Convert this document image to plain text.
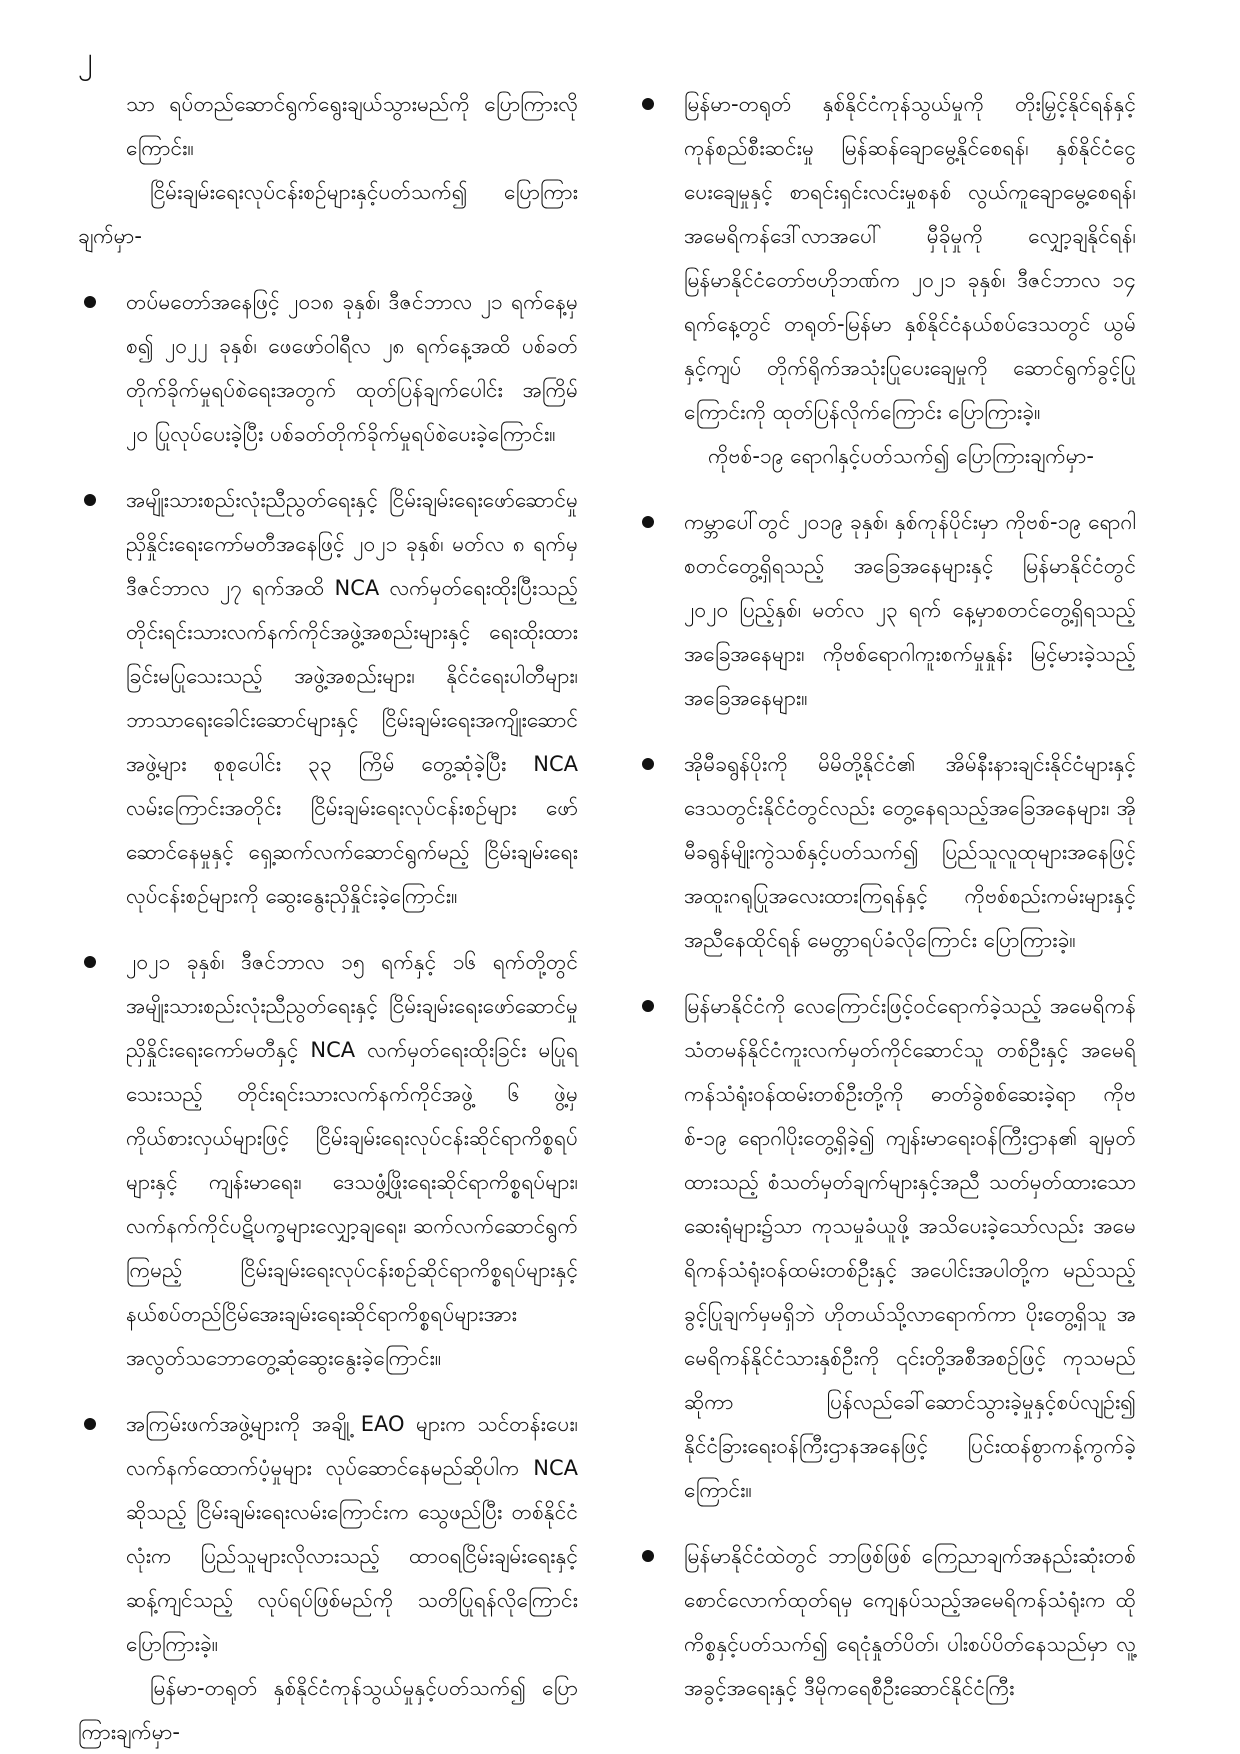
၂

သာ ရပ်တည်ဆောင်ရွက်ရွေးချယ်သွားမည်ကို ပြောကြားလိုကြောင်း။

ငြိမ်းချမ်းရေးလုပ်ငန်းစဉ်များနှင့်ပတ်သက်၍ ပြောကြားချက်မှာ-

တပ်မတော်အနေဖြင့် ၂၀၁၈ ခုနှစ်၊ ဒီဇင်ဘာလ ၂၁ ရက်နေ့မှစ၍ ၂၀၂၂ ခုနှစ်၊ ဖေဖော်ဝါရီလ ၂၈ ရက်နေ့အထိ ပစ်ခတ်တိုက်ခိုက်မှုရပ်စဲရေးအတွက် ထုတ်ပြန်ချက်ပေါင်း အကြိမ် ၂၀ ပြုလုပ်ပေးခဲ့ပြီး ပစ်ခတ်တိုက်ခိုက်မှုရပ်စဲပေးခဲ့ကြောင်း။
အမျိုးသားစည်းလုံးညီညွတ်ရေးနှင့် ငြိမ်းချမ်းရေးဖော်ဆောင်မှုညှိနှိုင်းရေးကော်မတီအနေဖြင့် ၂၀၂၁ ခုနှစ်၊ မတ်လ ၈ ရက်မှ ဒီဇင်ဘာလ ၂၇ ရက်အထိ NCA လက်မှတ်ရေးထိုးပြီးသည့် တိုင်းရင်းသားလက်နက်ကိုင်အဖွဲ့အစည်းများနှင့် ရေးထိုးထားခြင်းမပြုသေးသည့် အဖွဲ့အစည်းများ၊ နိုင်ငံရေးပါတီများ၊ ဘာသာရေးခေါင်းဆောင်များနှင့် ငြိမ်းချမ်းရေးအကျိုးဆောင်အဖွဲ့များ စုစုပေါင်း ၃၃ ကြိမ် တွေ့ဆုံခဲ့ပြီး NCA လမ်းကြောင်းအတိုင်း ငြိမ်းချမ်းရေးလုပ်ငန်းစဉ်များ ဖော်ဆောင်နေမှုနှင့် ရှေ့ဆက်လက်ဆောင်ရွက်မည့် ငြိမ်းချမ်းရေးလုပ်ငန်းစဉ်များကို ဆွေးနွေးညှိနှိုင်းခဲ့ကြောင်း။
၂၀၂၁ ခုနှစ်၊ ဒီဇင်ဘာလ ၁၅ ရက်နှင့် ၁၆ ရက်တို့တွင် အမျိုးသားစည်းလုံးညီညွတ်ရေးနှင့် ငြိမ်းချမ်းရေးဖော်ဆောင်မှုညှိနှိုင်းရေးကော်မတီနှင့် NCA လက်မှတ်ရေးထိုးခြင်း မပြုရသေးသည့် တိုင်းရင်းသားလက်နက်ကိုင်အဖွဲ့ ၆ ဖွဲ့မှ ကိုယ်စားလှယ်များဖြင့် ငြိမ်းချမ်းရေးလုပ်ငန်းဆိုင်ရာကိစ္စရပ်များနှင့် ကျန်းမာရေး၊ ဒေသဖွံ့ဖြိုးရေးဆိုင်ရာကိစ္စရပ်များ၊ လက်နက်ကိုင်ပဋိပက္ခများလျှော့ချရေး၊ ဆက်လက်ဆောင်ရွက်ကြမည့် ငြိမ်းချမ်းရေးလုပ်ငန်းစဉ်ဆိုင်ရာကိစ္စရပ်များနှင့် နယ်စပ်တည်ငြိမ်အေးချမ်းရေးဆိုင်ရာကိစ္စရပ်များအား အလွတ်သဘောတွေ့ဆုံဆွေးနွေးခဲ့ကြောင်း။
အကြမ်းဖက်အဖွဲ့များကို အချို့ EAO များက သင်တန်းပေး၊ လက်နက်ထောက်ပံ့မှုများ လုပ်ဆောင်နေမည်ဆိုပါက NCA ဆိုသည့် ငြိမ်းချမ်းရေးလမ်းကြောင်းက သွေဖည်ပြီး တစ်နိုင်ငံလုံးက ပြည်သူများလိုလားသည့် ထာဝရငြိမ်းချမ်းရေးနှင့် ဆန့်ကျင်သည့် လုပ်ရပ်ဖြစ်မည်ကို သတိပြုရန်လိုကြောင်း ပြောကြားခဲ့။

မြန်မာ-တရုတ် နှစ်နိုင်ငံကုန်သွယ်မှုနှင့်ပတ်သက်၍ ပြောကြားချက်မှာ-

မြန်မာ-တရုတ် နှစ်နိုင်ငံကုန်သွယ်မှုကို တိုးမြှင့်နိုင်ရန်နှင့် ကုန်စည်စီးဆင်းမှု မြန်ဆန်ချောမွေ့နိုင်စေရန်၊ နှစ်နိုင်ငံငွေပေးချေမှုနှင့် စာရင်းရှင်းလင်းမှုစနစ် လွယ်ကူချောမွေ့စေရန်၊ အမေရိကန်ဒေါ်လာအပေါ် မှီခိုမှုကို လျှော့ချနိုင်ရန်၊ မြန်မာနိုင်ငံတော်ဗဟိုဘဏ်က ၂၀၂၁ ခုနှစ်၊ ဒီဇင်ဘာလ ၁၄ ရက်နေ့တွင် တရုတ်-မြန်မာ နှစ်နိုင်ငံနယ်စပ်ဒေသတွင် ယွမ်နှင့်ကျပ် တိုက်ရိုက်အသုံးပြုပေးချေမှုကို ဆောင်ရွက်ခွင့်ပြုကြောင်းကို ထုတ်ပြန်လိုက်ကြောင်း ပြောကြားခဲ့။

ကိုဗစ်-၁၉ ရောဂါနှင့်ပတ်သက်၍ ပြောကြားချက်မှာ-

ကမ္ဘာပေါ်တွင် ၂၀၁၉ ခုနှစ်၊ နှစ်ကုန်ပိုင်းမှာ ကိုဗစ်-၁၉ ရောဂါ စတင်တွေ့ရှိရသည့် အခြေအနေများနှင့် မြန်မာနိုင်ငံတွင် ၂၀၂၀ ပြည့်နှစ်၊ မတ်လ ၂၃ ရက် နေ့မှာစတင်တွေ့ရှိရသည့်အခြေအနေများ၊ ကိုဗစ်ရောဂါကူးစက်မှုနှုန်း မြင့်မားခဲ့သည့်အခြေအနေများ။
အိုမီခရွန်ပိုးကို မိမိတို့နိုင်ငံ၏ အိမ်နီးနားချင်းနိုင်ငံများနှင့် ဒေသတွင်းနိုင်ငံတွင်လည်း တွေ့နေရသည့်အခြေအနေများ၊ အိုမီခရွန်မျိုးကွဲသစ်နှင့်ပတ်သက်၍ ပြည်သူလူထုများအနေဖြင့် အထူးဂရုပြုအလေးထားကြရန်နှင့် ကိုဗစ်စည်းကမ်းများနှင့်အညီနေထိုင်ရန် မေတ္တာရပ်ခံလိုကြောင်း ပြောကြားခဲ့။
မြန်မာနိုင်ငံကို လေကြောင်းဖြင့်ဝင်ရောက်ခဲ့သည့် အမေရိကန် သံတမန်နိုင်ငံကူးလက်မှတ်ကိုင်ဆောင်သူ တစ်ဦးနှင့် အမေရိကန်သံရုံးဝန်ထမ်းတစ်ဦးတို့ကို ဓာတ်ခွဲစစ်ဆေးခဲ့ရာ ကိုဗစ်-၁၉ ရောဂါပိုးတွေ့ရှိခဲ့၍ ကျန်းမာရေးဝန်ကြီးဌာန၏ ချမှတ်ထားသည့် စံသတ်မှတ်ချက်များနှင့်အညီ သတ်မှတ်ထားသော ဆေးရုံများ၌သာ ကုသမှုခံယူဖို့ အသိပေးခဲ့သော်လည်း အမေရိကန်သံရုံးဝန်ထမ်းတစ်ဦးနှင့် အပေါင်းအပါတို့က မည်သည့်ခွင့်ပြုချက်မှမရှိဘဲ ဟိုတယ်သို့လာရောက်ကာ ပိုးတွေ့ရှိသူ အမေရိကန်နိုင်ငံသားနှစ်ဦးကို ၎င်းတို့အစီအစဉ်ဖြင့် ကုသမည်ဆိုကာ ပြန်လည်ခေါ်ဆောင်သွားခဲ့မှုနှင့်စပ်လျဉ်း၍ နိုင်ငံခြားရေးဝန်ကြီးဌာနအနေဖြင့် ပြင်းထန်စွာကန့်ကွက်ခဲ့ကြောင်း။
မြန်မာနိုင်ငံထဲတွင် ဘာဖြစ်ဖြစ် ကြေညာချက်အနည်းဆုံးတစ်စောင်လောက်ထုတ်ရမှ ကျေနပ်သည့်အမေရိကန်သံရုံးက ထိုကိစ္စနှင့်ပတ်သက်၍ ရေငုံနှုတ်ပိတ်၊ ပါးစပ်ပိတ်နေသည်မှာ လူ့အခွင့်အရေးနှင့် ဒီမိုကရေစီဦးဆောင်နိုင်ငံကြီး
